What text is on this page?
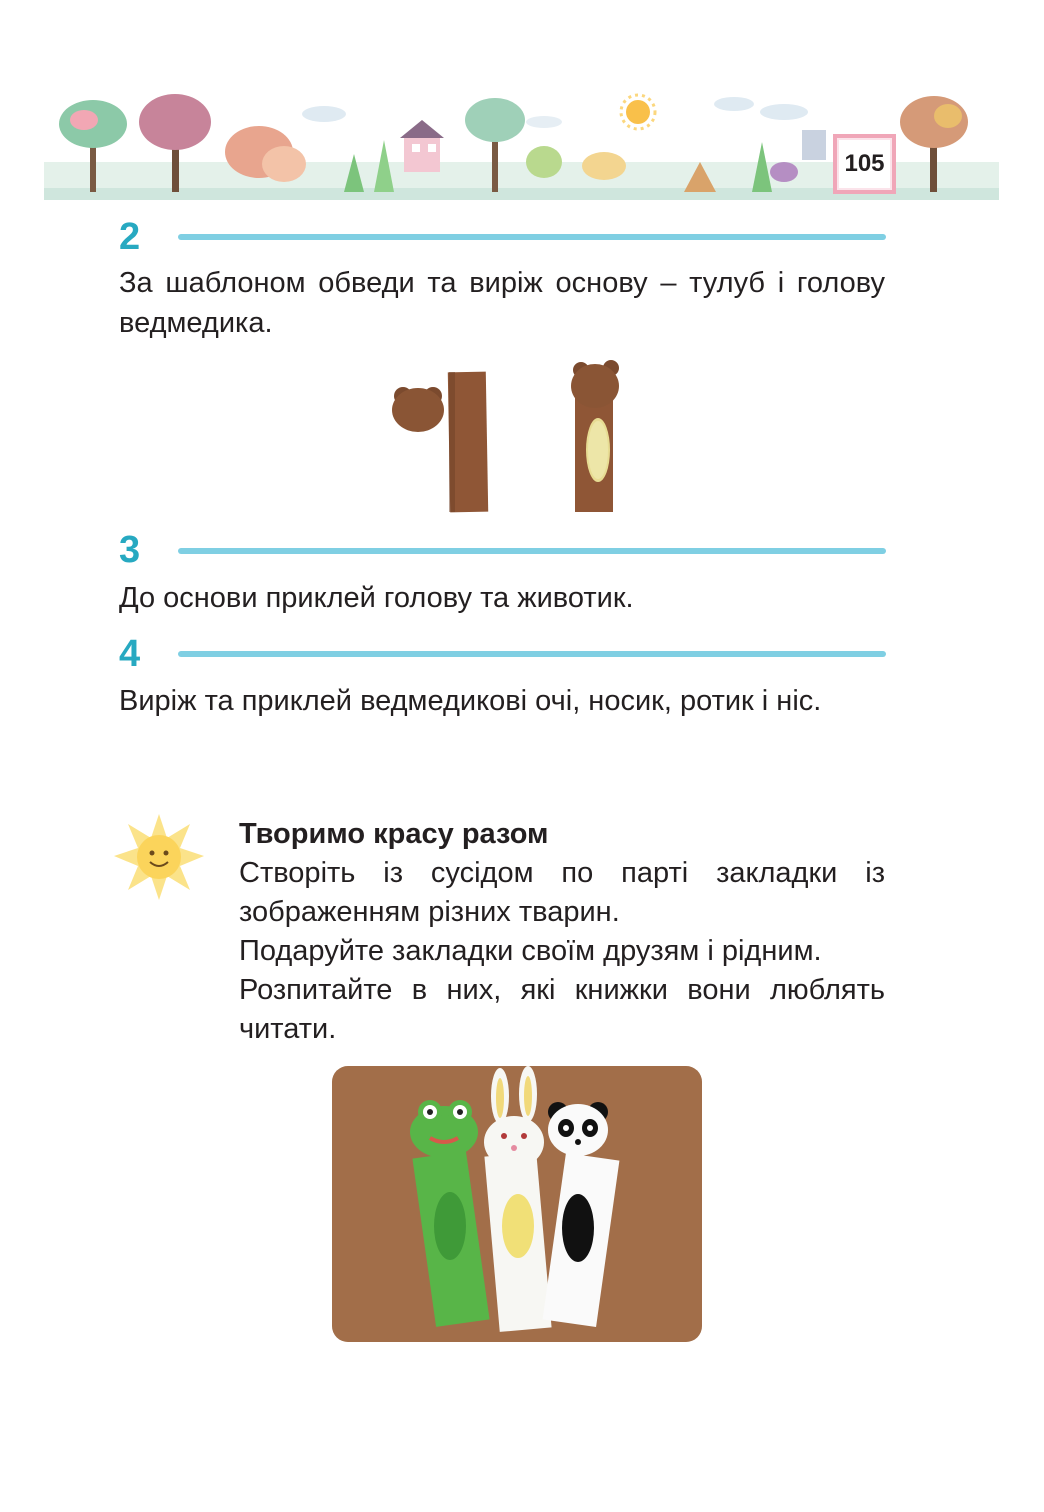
105
2

За шаблоном обведи та виріж основу – тулуб і голову ведмедика.

3

До основи приклей голову та животик.

4

Виріж та приклей ведмедикові очі, носик, ротик і ніс.

Творимо красу разом

Створіть із сусідом по парті закладки із зображенням різних тварин.
Подаруйте закладки своїм друзям і рідним.
Розпитайте в них, які книжки вони люблять читати.
